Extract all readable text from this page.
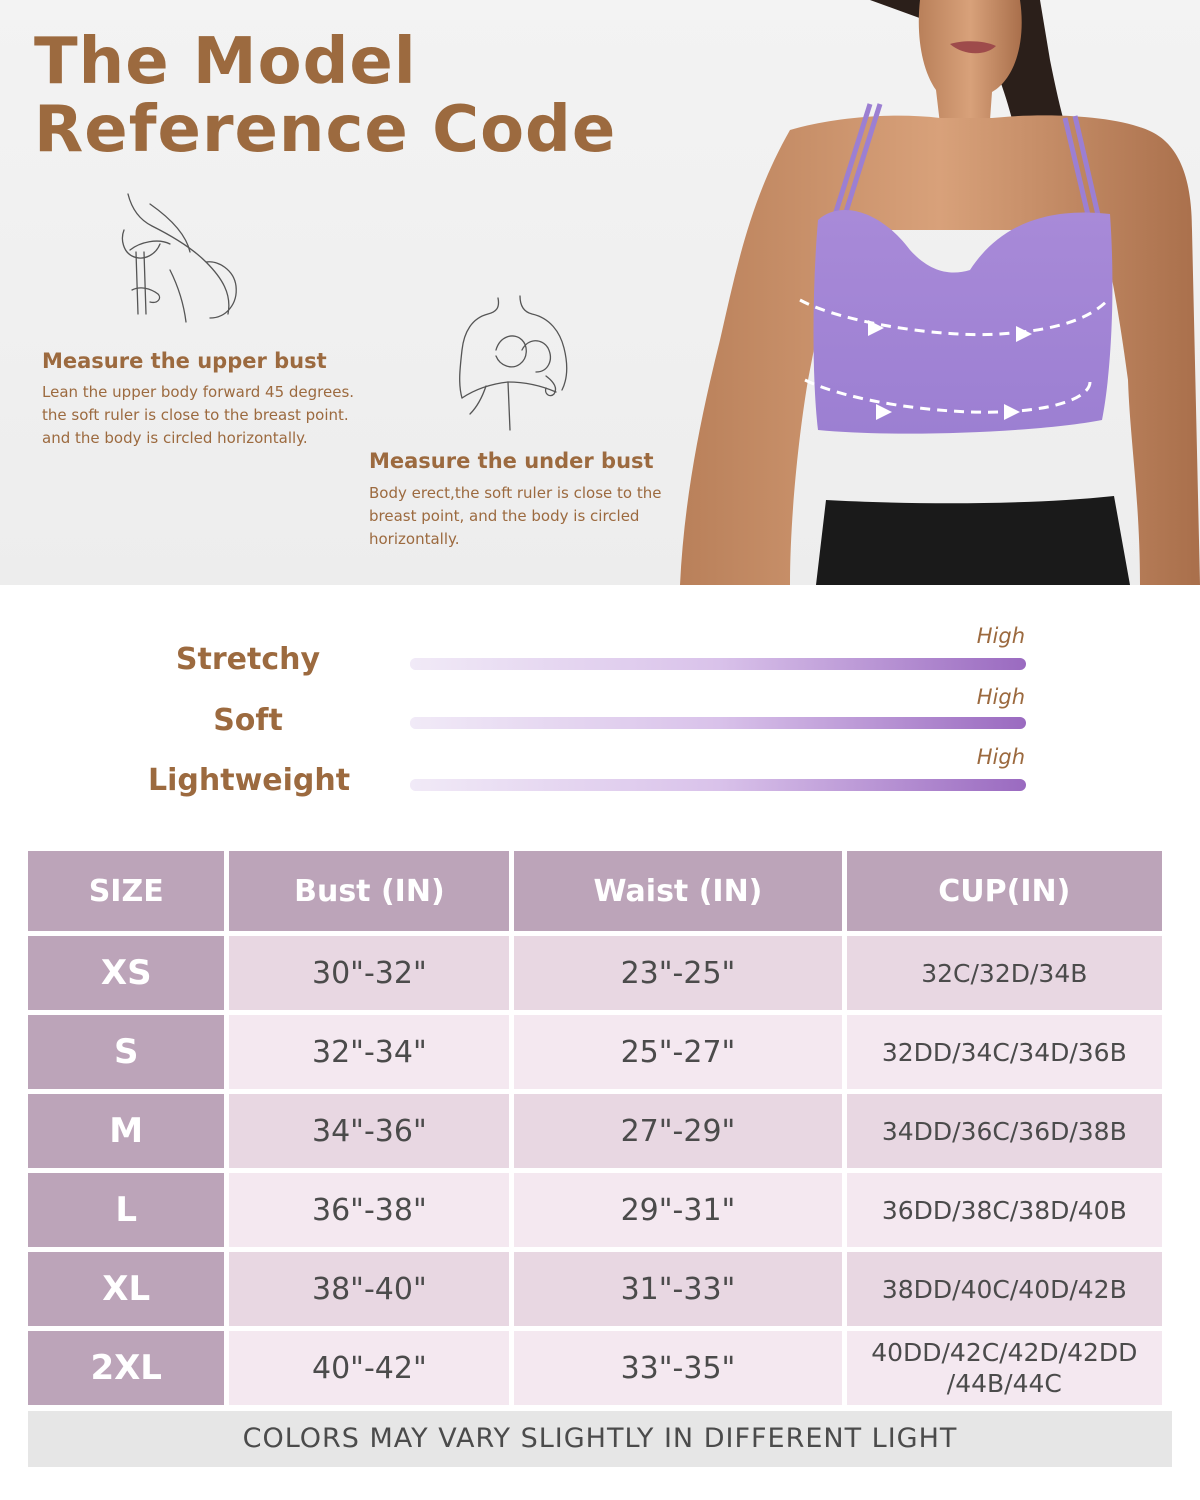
The Model
Reference Code
Measure the upper bust
Lean the upper body forward 45 degrees.
the soft ruler is close to the breast point.
and the body is circled horizontally.
Measure the under bust
Body erect,the soft ruler is close to the
breast point, and the body is circled
horizontally.
Stretchy
High
Soft
High
Lightweight
High
SIZE	Bust (IN)	Waist (IN)	CUP(IN)
XS	30"-32"	23"-25"	32C/32D/34B
S	32"-34"	25"-27"	32DD/34C/34D/36B
M	34"-36"	27"-29"	34DD/36C/36D/38B
L	36"-38"	29"-31"	36DD/38C/38D/40B
XL	38"-40"	31"-33"	38DD/40C/40D/42B
2XL	40"-42"	33"-35"	40DD/42C/42D/42DD
/44B/44C
COLORS MAY VARY SLIGHTLY IN DIFFERENT LIGHT
